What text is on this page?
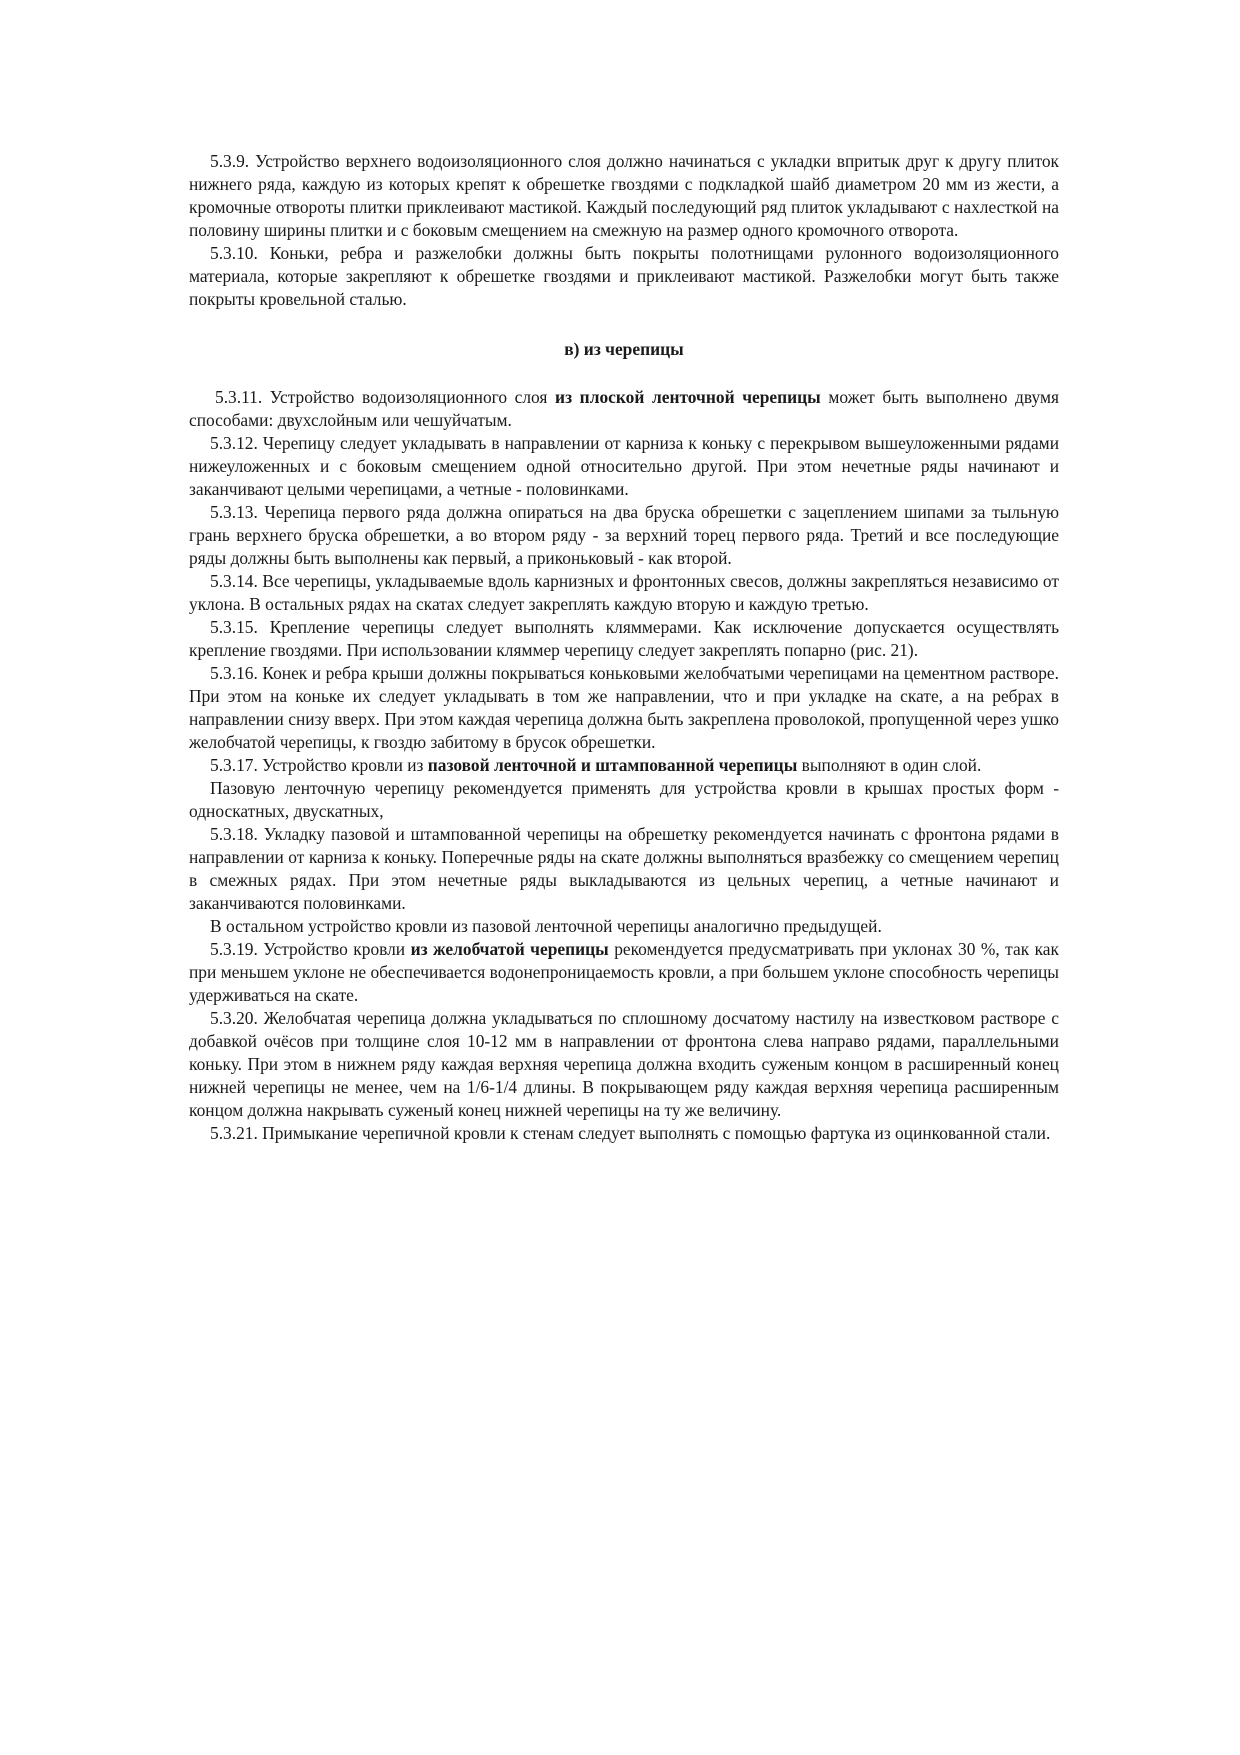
5.3.9. Устройство верхнего водоизоляционного слоя должно начинаться с укладки впритык друг к другу плиток нижнего ряда, каждую из которых крепят к обрешетке гвоздями с подкладкой шайб диаметром 20 мм из жести, а кромочные отвороты плитки приклеивают мастикой. Каждый последующий ряд плиток укладывают с нахлесткой на половину ширины плитки и с боковым смещением на смежную на размер одного кромочного отворота.

5.3.10. Коньки, ребра и разжелобки должны быть покрыты полотнищами рулонного водоизоляционного материала, которые закрепляют к обрешетке гвоздями и приклеивают мастикой. Разжелобки могут быть также покрыты кровельной сталью.

в) из черепицы

5.3.11. Устройство водоизоляционного слоя из плоской ленточной черепицы может быть выполнено двумя способами: двухслойным или чешуйчатым.

5.3.12. Черепицу следует укладывать в направлении от карниза к коньку с перекрывом вышеуложенными рядами нижеуложенных и с боковым смещением одной относительно другой. При этом нечетные ряды начинают и заканчивают целыми черепицами, а четные - половинками.

5.3.13. Черепица первого ряда должна опираться на два бруска обрешетки с зацеплением шипами за тыльную грань верхнего бруска обрешетки, а во втором ряду - за верхний торец первого ряда. Третий и все последующие ряды должны быть выполнены как первый, а приконьковый - как второй.

5.3.14. Все черепицы, укладываемые вдоль карнизных и фронтонных свесов, должны закрепляться независимо от уклона. В остальных рядах на скатах следует закреплять каждую вторую и каждую третью.

5.3.15. Крепление черепицы следует выполнять кляммерами. Как исключение допускается осуществлять крепление гвоздями. При использовании кляммер черепицу следует закреплять попарно (рис. 21).

5.3.16. Конек и ребра крыши должны покрываться коньковыми желобчатыми черепицами на цементном растворе. При этом на коньке их следует укладывать в том же направлении, что и при укладке на скате, а на ребрах в направлении снизу вверх. При этом каждая черепица должна быть закреплена проволокой, пропущенной через ушко желобчатой черепицы, к гвоздю забитому в брусок обрешетки.

5.3.17. Устройство кровли из пазовой ленточной и штампованной черепицы выполняют в один слой.

Пазовую ленточную черепицу рекомендуется применять для устройства кровли в крышах простых форм - односкатных, двускатных,

5.3.18. Укладку пазовой и штампованной черепицы на обрешетку рекомендуется начинать с фронтона рядами в направлении от карниза к коньку. Поперечные ряды на скате должны выполняться вразбежку со смещением черепиц в смежных рядах. При этом нечетные ряды выкладываются из цельных черепиц, а четные начинают и заканчиваются половинками.

В остальном устройство кровли из пазовой ленточной черепицы аналогично предыдущей.

5.3.19. Устройство кровли из желобчатой черепицы рекомендуется предусматривать при уклонах 30 %, так как при меньшем уклоне не обеспечивается водонепроницаемость кровли, а при большем уклоне способность черепицы удерживаться на скате.

5.3.20. Желобчатая черепица должна укладываться по сплошному досчатому настилу на известковом растворе с добавкой очёсов при толщине слоя 10-12 мм в направлении от фронтона слева направо рядами, параллельными коньку. При этом в нижнем ряду каждая верхняя черепица должна входить суженым концом в расширенный конец нижней черепицы не менее, чем на 1/6-1/4 длины. В покрывающем ряду каждая верхняя черепица расширенным концом должна накрывать суженый конец нижней черепицы на ту же величину.

5.3.21. Примыкание черепичной кровли к стенам следует выполнять с помощью фартука из оцинкованной стали.
